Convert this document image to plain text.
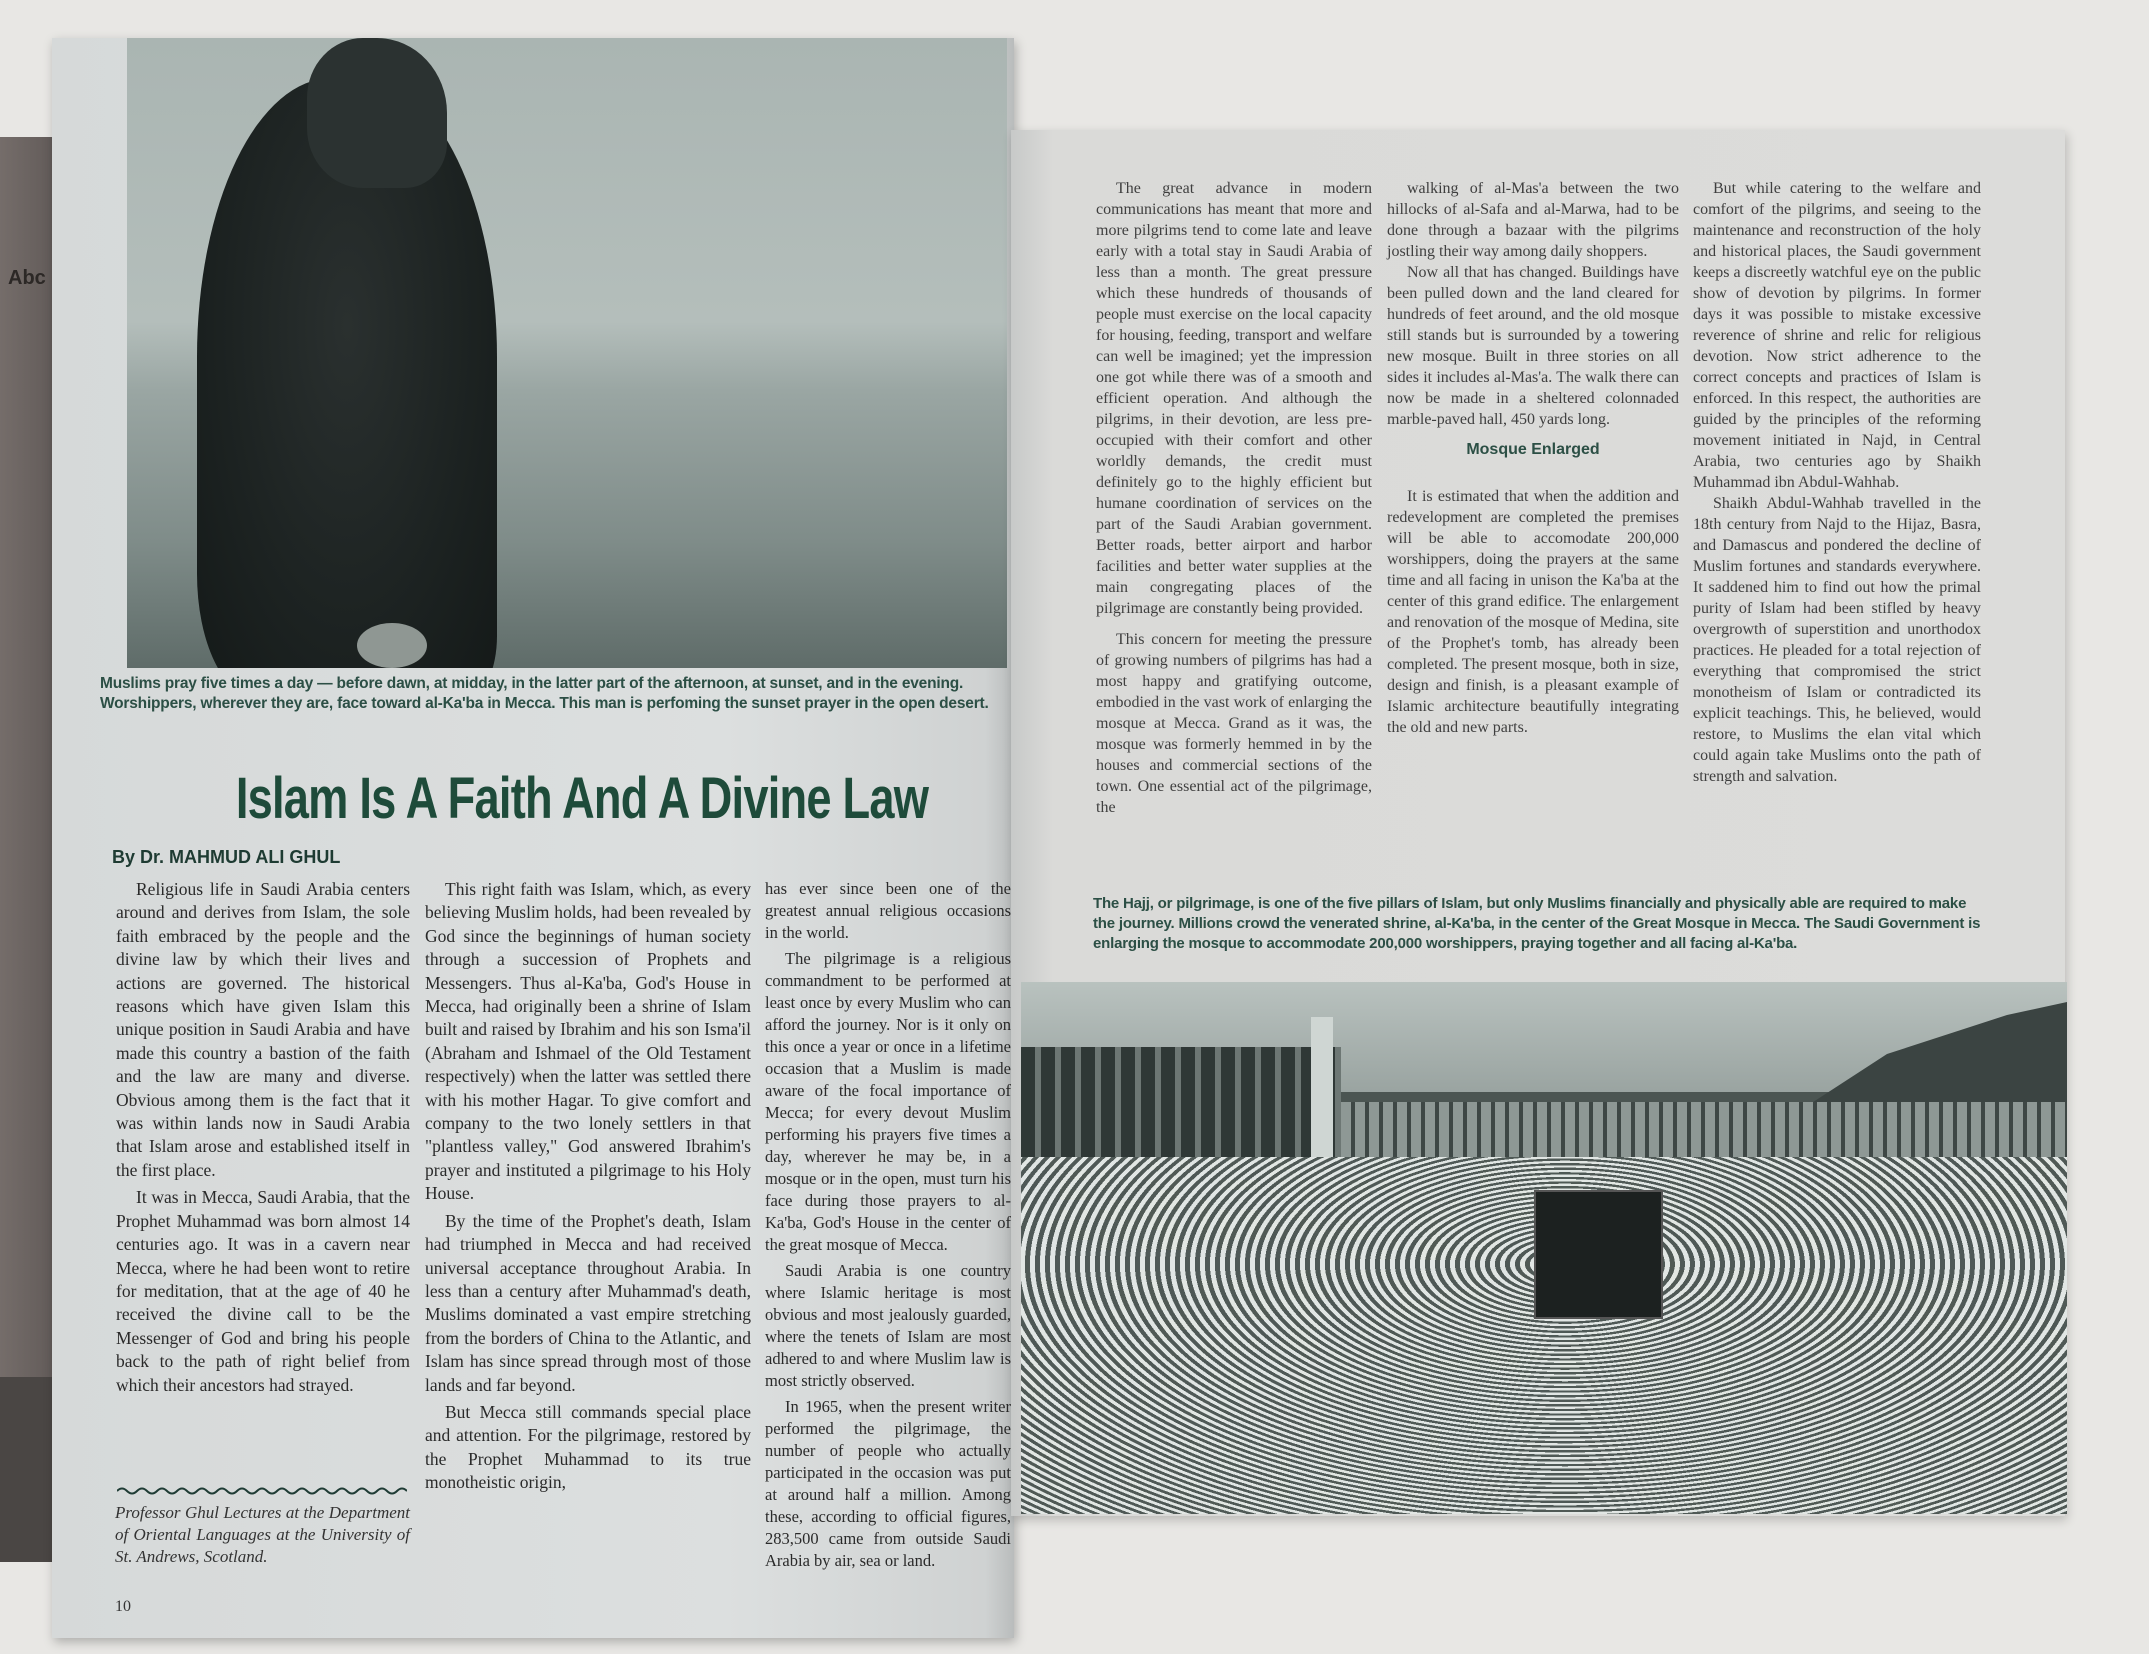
Abc
Muslims pray five times a day — before dawn, at midday, in the latter part of the afternoon, at sunset, and in the evening.
Worshippers, wherever they are, face toward al-Ka'ba in Mecca. This man is perfoming the sunset prayer in the open desert.
Islam Is A Faith And A Divine Law
By Dr. MAHMUD ALI GHUL

Religious life in Saudi Arabia centers around and derives from Islam, the sole faith embraced by the people and the divine law by which their lives and actions are governed. The historical reasons which have given Islam this unique position in Saudi Arabia and have made this country a bastion of the faith and the law are many and diverse. Obvious among them is the fact that it was within lands now in Saudi Arabia that Islam arose and established itself in the first place.

It was in Mecca, Saudi Arabia, that the Prophet Muhammad was born almost 14 centuries ago. It was in a cavern near Mecca, where he had been wont to retire for meditation, that at the age of 40 he received the divine call to be the Messenger of God and bring his people back to the path of right belief from which their ancestors had strayed.

Professor Ghul Lectures at the Department of Oriental Languages at the University of St. Andrews, Scotland.
10

This right faith was Islam, which, as every believing Muslim holds, had been revealed by God since the beginnings of human society through a succession of Prophets and Messengers. Thus al-Ka'ba, God's House in Mecca, had originally been a shrine of Islam built and raised by Ibrahim and his son Isma'il (Abraham and Ishmael of the Old Testament respectively) when the latter was settled there with his mother Hagar. To give comfort and company to the two lonely settlers in that "plantless valley," God answered Ibrahim's prayer and instituted a pilgrimage to his Holy House.

By the time of the Prophet's death, Islam had triumphed in Mecca and had received universal acceptance throughout Arabia. In less than a century after Muhammad's death, Muslims dominated a vast empire stretching from the borders of China to the Atlantic, and Islam has since spread through most of those lands and far beyond.

But Mecca still commands special place and attention. For the pilgrimage, restored by the Prophet Muhammad to its true monotheistic origin,

has ever since been one of the greatest annual religious occasions in the world.

The pilgrimage is a religious commandment to be performed at least once by every Muslim who can afford the journey. Nor is it only on this once a year or once in a lifetime occasion that a Muslim is made aware of the focal importance of Mecca; for every devout Muslim performing his prayers five times a day, wherever he may be, in a mosque or in the open, must turn his face during those prayers to al-Ka'ba, God's House in the center of the great mosque of Mecca.

Saudi Arabia is one country where Islamic heritage is most obvious and most jealously guarded, where the tenets of Islam are most adhered to and where Muslim law is most strictly observed.

In 1965, when the present writer performed the pilgrimage, the number of people who actually participated in the occasion was put at around half a million. Among these, according to official figures, 283,500 came from outside Saudi Arabia by air, sea or land.

The great advance in modern communications has meant that more and more pilgrims tend to come late and leave early with a total stay in Saudi Arabia of less than a month. The great pressure which these hundreds of thousands of people must exercise on the local capacity for housing, feeding, transport and welfare can well be imagined; yet the impression one got while there was of a smooth and efficient operation. And although the pilgrims, in their devotion, are less pre-occupied with their comfort and other worldly demands, the credit must definitely go to the highly efficient but humane coordination of services on the part of the Saudi Arabian government. Better roads, better airport and harbor facilities and better water supplies at the main congregating places of the pilgrimage are constantly being provided.

This concern for meeting the pressure of growing numbers of pilgrims has had a most happy and gratifying outcome, embodied in the vast work of enlarging the mosque at Mecca. Grand as it was, the mosque was formerly hemmed in by the houses and commercial sections of the town. One essential act of the pilgrimage, the

walking of al-Mas'a between the two hillocks of al-Safa and al-Marwa, had to be done through a bazaar with the pilgrims jostling their way among daily shoppers.

Now all that has changed. Buildings have been pulled down and the land cleared for hundreds of feet around, and the old mosque still stands but is surrounded by a towering new mosque. Built in three stories on all sides it includes al-Mas'a. The walk there can now be made in a sheltered colonnaded marble-paved hall, 450 yards long.

Mosque Enlarged

It is estimated that when the addition and redevelopment are completed the premises will be able to accomodate 200,000 worshippers, doing the prayers at the same time and all facing in unison the Ka'ba at the center of this grand edifice. The enlargement and renovation of the mosque of Medina, site of the Prophet's tomb, has already been completed. The present mosque, both in size, design and finish, is a pleasant example of Islamic architecture beautifully integrating the old and new parts.

But while catering to the welfare and comfort of the pilgrims, and seeing to the maintenance and reconstruction of the holy and historical places, the Saudi government keeps a discreetly watchful eye on the public show of devotion by pilgrims. In former days it was possible to mistake excessive reverence of shrine and relic for religious devotion. Now strict adherence to the correct concepts and practices of Islam is enforced. In this respect, the authorities are guided by the principles of the reforming movement initiated in Najd, in Central Arabia, two centuries ago by Shaikh Muhammad ibn Abdul-Wahhab.

Shaikh Abdul-Wahhab travelled in the 18th century from Najd to the Hijaz, Basra, and Damascus and pondered the decline of Muslim fortunes and standards everywhere. It saddened him to find out how the primal purity of Islam had been stifled by heavy overgrowth of superstition and unorthodox practices. He pleaded for a total rejection of everything that compromised the strict monotheism of Islam or contradicted its explicit teachings. This, he believed, would restore, to Muslims the elan vital which could again take Muslims onto the path of strength and salvation.

The Hajj, or pilgrimage, is one of the five pillars of Islam, but only Muslims financially and physically able are required to make the journey. Millions crowd the venerated shrine, al-Ka'ba, in the center of the Great Mosque in Mecca. The Saudi Government is enlarging the mosque to accommodate 200,000 worshippers, praying together and all facing al-Ka'ba.
